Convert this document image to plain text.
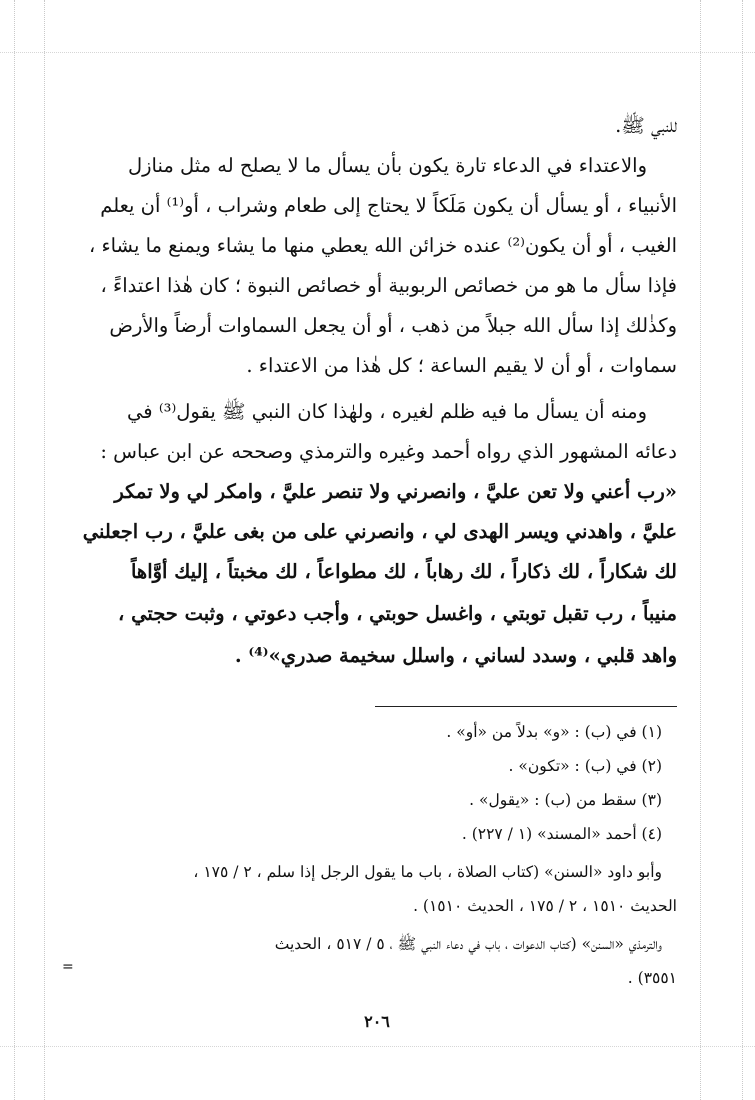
للنبي ﷺ.
والاعتداء في الدعاء تارة يكون بأن يسأل ما لا يصلح له مثل منازل
الأنبياء ، أو يسأل أن يكون مَلَكاً لا يحتاج إلى طعام وشراب ، أو⁽¹⁾ أن يعلم
الغيب ، أو أن يكون⁽²⁾ عنده خزائن الله يعطي منها ما يشاء ويمنع ما يشاء ،
فإذا سأل ما هو من خصائص الربوبية أو خصائص النبوة ؛ كان هٰذا اعتداءً ،
وكذٰلك إذا سأل الله جبلاً من ذهب ، أو أن يجعل السماوات أرضاً والأرض
سماوات ، أو أن لا يقيم الساعة ؛ كل هٰذا من الاعتداء .
ومنه أن يسأل ما فيه ظلم لغيره ، ولهٰذا كان النبي ﷺ يقول⁽³⁾ في
دعائه المشهور الذي رواه أحمد وغيره والترمذي وصححه عن ابن عباس :
«رب أعني ولا تعن عليَّ ، وانصرني ولا تنصر عليَّ ، وامكر لي ولا تمكر
عليَّ ، واهدني ويسر الهدى لي ، وانصرني على من بغى عليَّ ، رب اجعلني
لك شكاراً ، لك ذكاراً ، لك رهاباً ، لك مطواعاً ، لك مخبتاً ، إليك أوَّاهاً
منيباً ، رب تقبل توبتي ، واغسل حوبتي ، وأجب دعوتي ، وثبت حجتي ،
واهد قلبي ، وسدد لساني ، واسلل سخيمة صدري»⁽⁴⁾ .
(١) في (ب) : «و» بدلاً من «أو» .
(٢) في (ب) : «تكون» .
(٣) سقط من (ب) : «يقول» .
(٤) أحمد «المسند» (١ / ٢٢٧) .
وأبو داود «السنن» (كتاب الصلاة ، باب ما يقول الرجل إذا سلم ، ٢ / ١٧٥ ،
الحديث ١٥١٠ ، ٢ / ١٧٥ ، الحديث ١٥١٠) .
والترمذي «السنن» (كتاب الدعوات ، باب في دعاء النبي ﷺ ، ٥ / ٥١٧ ، الحديث
٣٥٥١) .
=
٢٠٦
